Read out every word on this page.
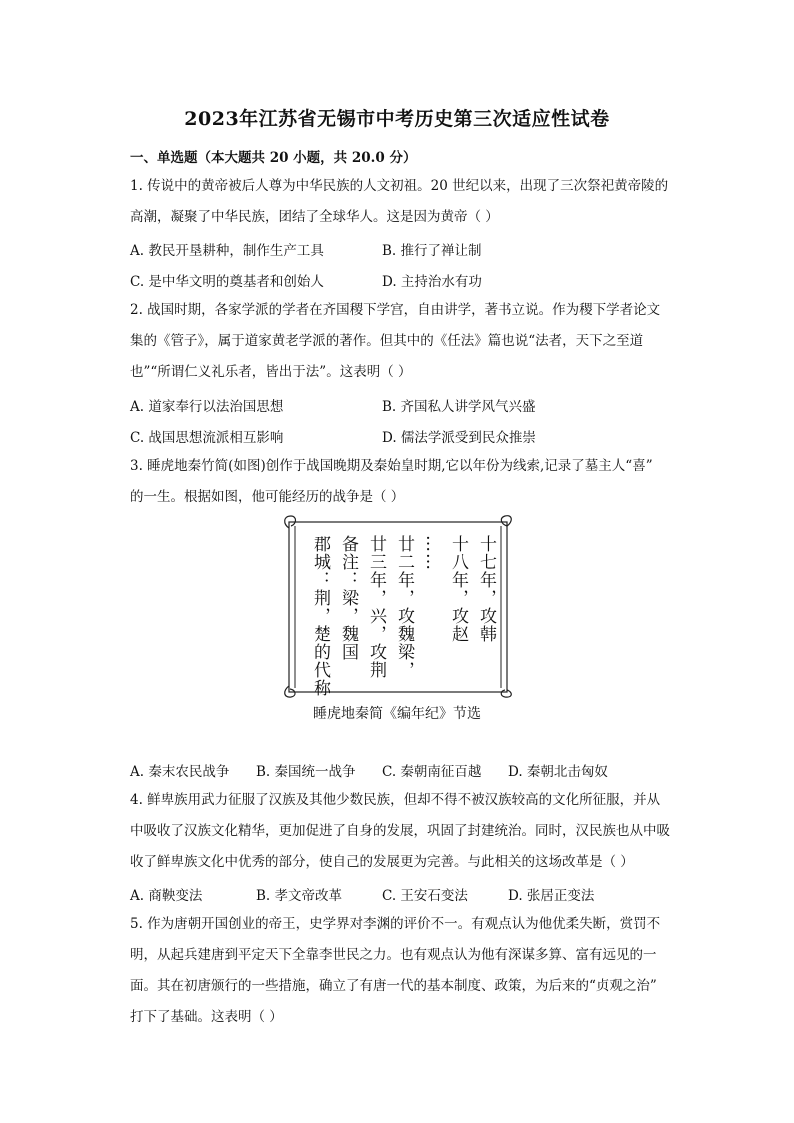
2023年江苏省无锡市中考历史第三次适应性试卷
一、单选题（本大题共 20 小题，共 20.0 分）
1. 传说中的黄帝被后人尊为中华民族的人文初祖。20 世纪以来，出现了三次祭祀黄帝陵的
高潮，凝聚了中华民族，团结了全球华人。这是因为黄帝（ ）
A. 教民开垦耕种，制作生产工具	B. 推行了禅让制
C. 是中华文明的奠基者和创始人	D. 主持治水有功
2. 战国时期，各家学派的学者在齐国稷下学宫，自由讲学，著书立说。作为稷下学者论文
集的《管子》，属于道家黄老学派的著作。但其中的《任法》篇也说“法者，天下之至道
也”“所谓仁义礼乐者，皆出于法”。这表明（ ）
A. 道家奉行以法治国思想	B. 齐国私人讲学风气兴盛
C. 战国思想流派相互影响	D. 儒法学派受到民众推崇
3. 睡虎地秦竹简(如图)创作于战国晚期及秦始皇时期,它以年份为线索,记录了墓主人“喜”
的一生。根据如图，他可能经历的战争是（ ）
十七年，攻韩
十八年，攻赵
……
廿二年，攻魏梁，
廿三年，兴，攻荆
备注：梁，魏国
郡城：荆，楚的代称
睡虎地秦简《编年纪》节选
A. 秦末农民战争 B. 秦国统一战争 C. 秦朝南征百越 D. 秦朝北击匈奴
4. 鲜卑族用武力征服了汉族及其他少数民族，但却不得不被汉族较高的文化所征服，并从
中吸收了汉族文化精华，更加促进了自身的发展，巩固了封建统治。同时，汉民族也从中吸
收了鲜卑族文化中优秀的部分，使自己的发展更为完善。与此相关的这场改革是（ ）
A. 商鞅变法	B. 孝文帝改革	C. 王安石变法	D. 张居正变法
5. 作为唐朝开国创业的帝王，史学界对李渊的评价不一。有观点认为他优柔失断，赏罚不
明，从起兵建唐到平定天下全靠李世民之力。也有观点认为他有深谋多算、富有远见的一
面。其在初唐颁行的一些措施，确立了有唐一代的基本制度、政策，为后来的“贞观之治”
打下了基础。这表明（ ）
